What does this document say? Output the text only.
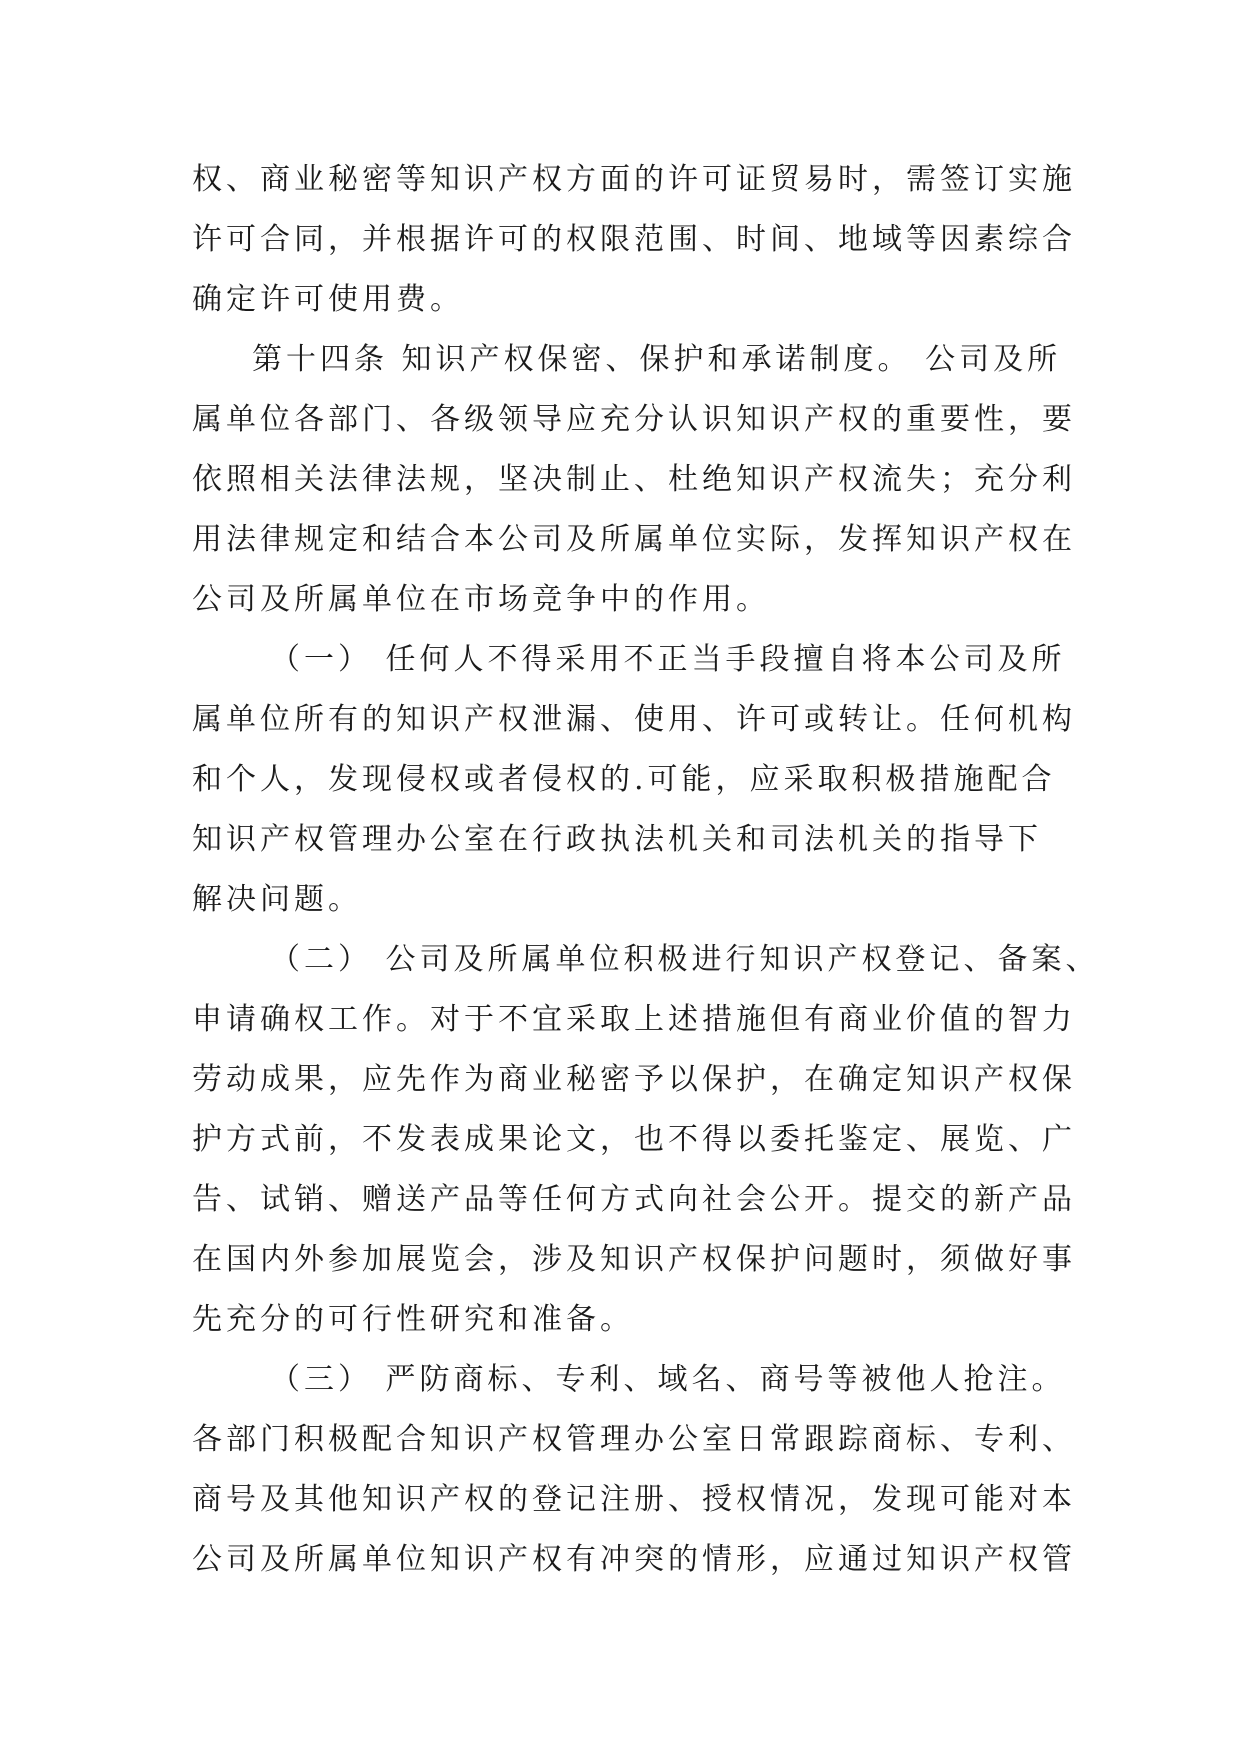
权、商业秘密等知识产权方面的许可证贸易时，需签订实施
许可合同，并根据许可的权限范围、时间、地域等因素综合
确定许可使用费。
第十四条 知识产权保密、保护和承诺制度。 公司及所
属单位各部门、各级领导应充分认识知识产权的重要性，要
依照相关法律法规，坚决制止、杜绝知识产权流失；充分利
用法律规定和结合本公司及所属单位实际，发挥知识产权在
公司及所属单位在市场竞争中的作用。
（一） 任何人不得采用不正当手段擅自将本公司及所
属单位所有的知识产权泄漏、使用、许可或转让。任何机构
和个人，发现侵权或者侵权的.可能，应采取积极措施配合
知识产权管理办公室在行政执法机关和司法机关的指导下
解决问题。
（二） 公司及所属单位积极进行知识产权登记、备案、
申请确权工作。对于不宜采取上述措施但有商业价值的智力
劳动成果，应先作为商业秘密予以保护，在确定知识产权保
护方式前，不发表成果论文，也不得以委托鉴定、展览、广
告、试销、赠送产品等任何方式向社会公开。提交的新产品
在国内外参加展览会，涉及知识产权保护问题时，须做好事
先充分的可行性研究和准备。
（三） 严防商标、专利、域名、商号等被他人抢注。
各部门积极配合知识产权管理办公室日常跟踪商标、专利、
商号及其他知识产权的登记注册、授权情况，发现可能对本
公司及所属单位知识产权有冲突的情形，应通过知识产权管
